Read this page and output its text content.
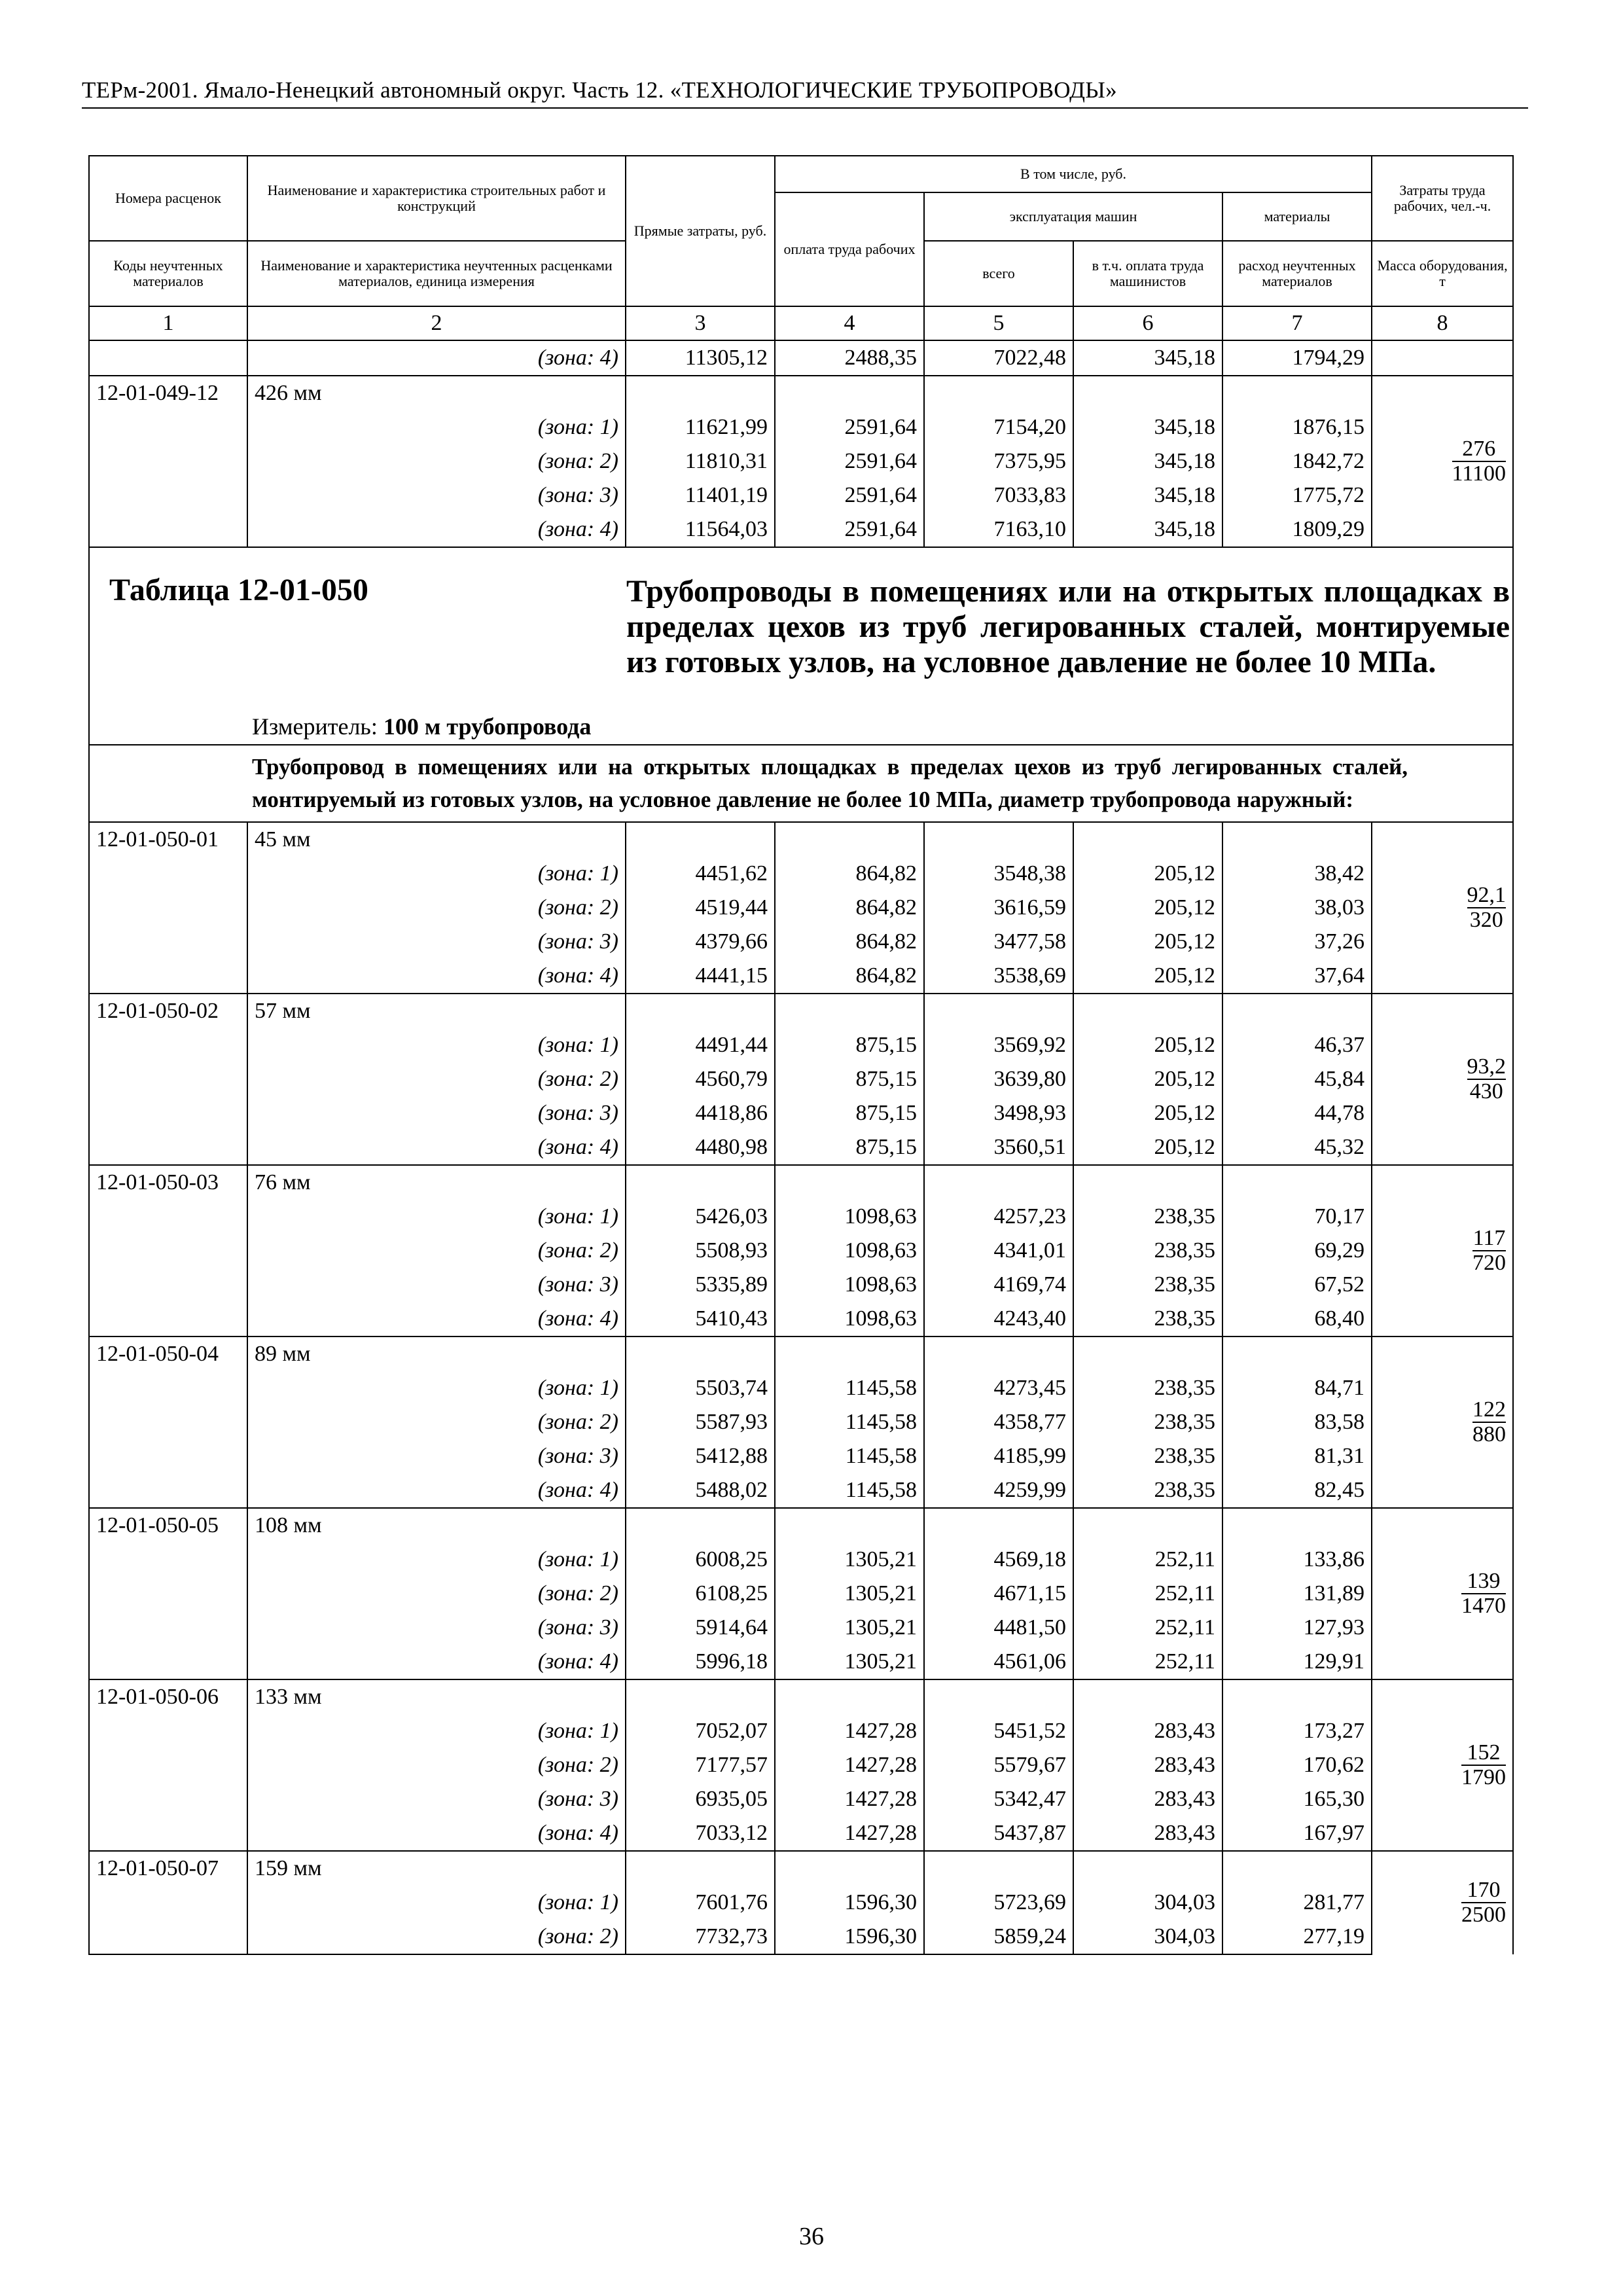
ТЕРм-2001. Ямало-Ненецкий автономный округ. Часть 12. «ТЕХНОЛОГИЧЕСКИЕ ТРУБОПРОВОДЫ»
Номера расценок	Наименование и характеристика строительных работ и конструкций	Прямые затраты, руб.	В том числе, руб.				Затраты труда рабочих, чел.-ч.
			оплата труда рабочих	эксплуатация машин		материалы	
Коды неучтенных материалов	Наименование и характеристика неучтенных расценками материалов, единица измерения			всего	в т.ч. оплата труда машинистов	расход неучтенных материалов	Масса оборудования, т

1	2	3	4	5	6	7	8
	(зона: 4)	11305,12	2488,35	7022,48	345,18	1794,29	
12-01-049-12	426 мм						$\frac{276}{11100}$

	(зона: 1)	11621,99	2591,64	7154,20	345,18	1876,15	
	(зона: 2)	11810,31	2591,64	7375,95	345,18	1842,72	
	(зона: 3)	11401,19	2591,64	7033,83	345,18	1775,72	
	(зона: 4)	11564,03	2591,64	7163,10	345,18	1809,29	

Таблица 12-01-050 Трубопроводы в помещениях или на открытых площадках в пределах цехов из труб легированных сталей, монтируемые из готовых узлов, на условное давление не более 10 МПа.
Измеритель: 100 м трубопровода							

Трубопровод в помещениях или на открытых площадках в пределах цехов из труб легированных сталей, монтируемый из готовых узлов, на условное давление не более 10 МПа, диаметр трубопровода наружный:							
12-01-050-01	45 мм						$\frac{92,1}{320}$

	(зона: 1)	4451,62	864,82	3548,38	205,12	38,42	
	(зона: 2)	4519,44	864,82	3616,59	205,12	38,03	
	(зона: 3)	4379,66	864,82	3477,58	205,12	37,26	
	(зона: 4)	4441,15	864,82	3538,69	205,12	37,64	
12-01-050-02	57 мм						$\frac{93,2}{430}$

	(зона: 1)	4491,44	875,15	3569,92	205,12	46,37	
	(зона: 2)	4560,79	875,15	3639,80	205,12	45,84	
	(зона: 3)	4418,86	875,15	3498,93	205,12	44,78	
	(зона: 4)	4480,98	875,15	3560,51	205,12	45,32	
12-01-050-03	76 мм						$\frac{117}{720}$

	(зона: 1)	5426,03	1098,63	4257,23	238,35	70,17	
	(зона: 2)	5508,93	1098,63	4341,01	238,35	69,29	
	(зона: 3)	5335,89	1098,63	4169,74	238,35	67,52	
	(зона: 4)	5410,43	1098,63	4243,40	238,35	68,40	
12-01-050-04	89 мм						$\frac{122}{880}$

	(зона: 1)	5503,74	1145,58	4273,45	238,35	84,71	
	(зона: 2)	5587,93	1145,58	4358,77	238,35	83,58	
	(зона: 3)	5412,88	1145,58	4185,99	238,35	81,31	
	(зона: 4)	5488,02	1145,58	4259,99	238,35	82,45	
12-01-050-05	108 мм						$\frac{139}{1470}$

	(зона: 1)	6008,25	1305,21	4569,18	252,11	133,86	
	(зона: 2)	6108,25	1305,21	4671,15	252,11	131,89	
	(зона: 3)	5914,64	1305,21	4481,50	252,11	127,93	
	(зона: 4)	5996,18	1305,21	4561,06	252,11	129,91	
12-01-050-06	133 мм						$\frac{152}{1790}$

	(зона: 1)	7052,07	1427,28	5451,52	283,43	173,27	
	(зона: 2)	7177,57	1427,28	5579,67	283,43	170,62	
	(зона: 3)	6935,05	1427,28	5342,47	283,43	165,30	
	(зона: 4)	7033,12	1427,28	5437,87	283,43	167,97	
12-01-050-07	159 мм						$\frac{170}{2500}$

	(зона: 1)	7601,76	1596,30	5723,69	304,03	281,77	
	(зона: 2)	7732,73	1596,30	5859,24	304,03	277,19	
36
